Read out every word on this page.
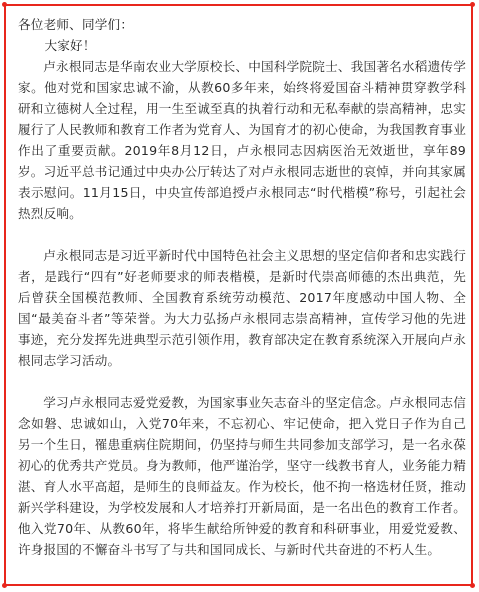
各位老师、同学们：

大家好！

卢永根同志是华南农业大学原校长、中国科学院院士、我国著名水稻遗传学家。他对党和国家忠诚不渝，从教60多年来，始终将爱国奋斗精神贯穿教学科研和立德树人全过程，用一生至诚至真的执着行动和无私奉献的崇高精神，忠实履行了人民教师和教育工作者为党育人、为国育才的初心使命，为我国教育事业作出了重要贡献。2019年8月12日，卢永根同志因病医治无效逝世，享年89岁。习近平总书记通过中央办公厅转达了对卢永根同志逝世的哀悼，并向其家属表示慰问。11月15日，中央宣传部追授卢永根同志“时代楷模”称号，引起社会热烈反响。

卢永根同志是习近平新时代中国特色社会主义思想的坚定信仰者和忠实践行者，是践行“四有”好老师要求的师表楷模，是新时代崇高师德的杰出典范，先后曾获全国模范教师、全国教育系统劳动模范、2017年度感动中国人物、全国“最美奋斗者”等荣誉。为大力弘扬卢永根同志崇高精神，宣传学习他的先进事迹，充分发挥先进典型示范引领作用，教育部决定在教育系统深入开展向卢永根同志学习活动。

学习卢永根同志爱党爱教，为国家事业矢志奋斗的坚定信念。卢永根同志信念如磐、忠诚如山，入党70年来，不忘初心、牢记使命，把入党日子作为自己另一个生日，罹患重病住院期间，仍坚持与师生共同参加支部学习，是一名永葆初心的优秀共产党员。身为教师，他严谨治学，坚守一线教书育人，业务能力精湛、育人水平高超，是师生的良师益友。作为校长，他不拘一格选材任贤，推动新兴学科建设，为学校发展和人才培养打开新局面，是一名出色的教育工作者。他入党70年、从教60年，将毕生献给所钟爱的教育和科研事业，用爱党爱教、许身报国的不懈奋斗书写了与共和国同成长、与新时代共奋进的不朽人生。
